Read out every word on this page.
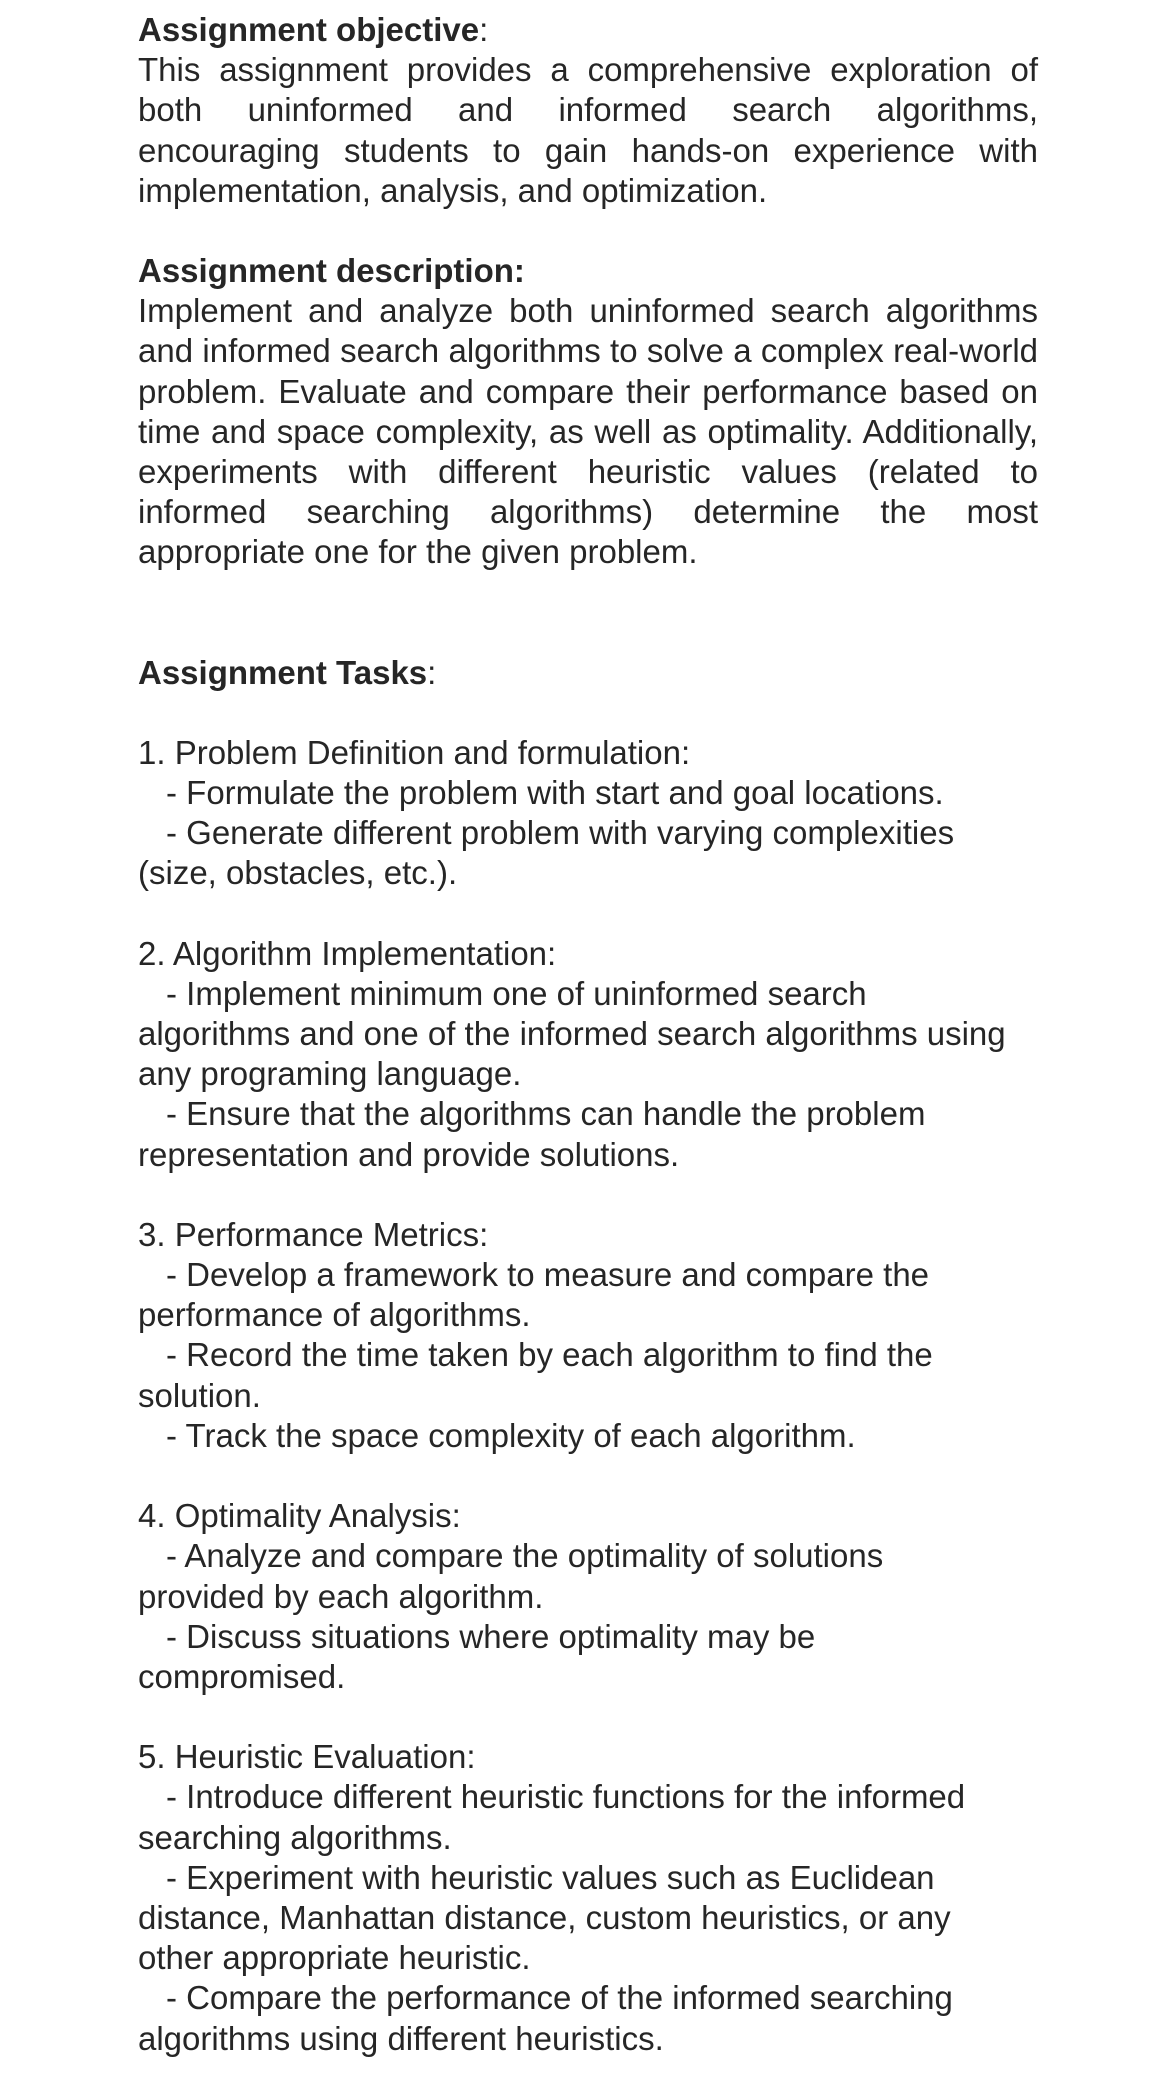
Assignment objective:

This assignment provides a comprehensive exploration of both uninformed and informed search algorithms, encouraging students to gain hands-on experience with implementation, analysis, and optimization.

Assignment description:

Implement and analyze both uninformed search algorithms and informed search algorithms to solve a complex real-world problem. Evaluate and compare their performance based on time and space complexity, as well as optimality. Additionally, experiments with different heuristic values (related to informed searching algorithms) determine the most appropriate one for the given problem.

Assignment Tasks:

1. Problem Definition and formulation:

- Formulate the problem with start and goal locations.

- Generate different problem with varying complexities (size, obstacles, etc.).

2. Algorithm Implementation:

- Implement minimum one of uninformed search algorithms and one of the informed search algorithms using any programing language.

- Ensure that the algorithms can handle the problem representation and provide solutions.

3. Performance Metrics:

- Develop a framework to measure and compare the performance of algorithms.

- Record the time taken by each algorithm to find the solution.

- Track the space complexity of each algorithm.

4. Optimality Analysis:

- Analyze and compare the optimality of solutions provided by each algorithm.

- Discuss situations where optimality may be compromised.

5. Heuristic Evaluation:

- Introduce different heuristic functions for the informed searching algorithms.

- Experiment with heuristic values such as Euclidean distance, Manhattan distance, custom heuristics, or any other appropriate heuristic.

- Compare the performance of the informed searching algorithms using different heuristics.
